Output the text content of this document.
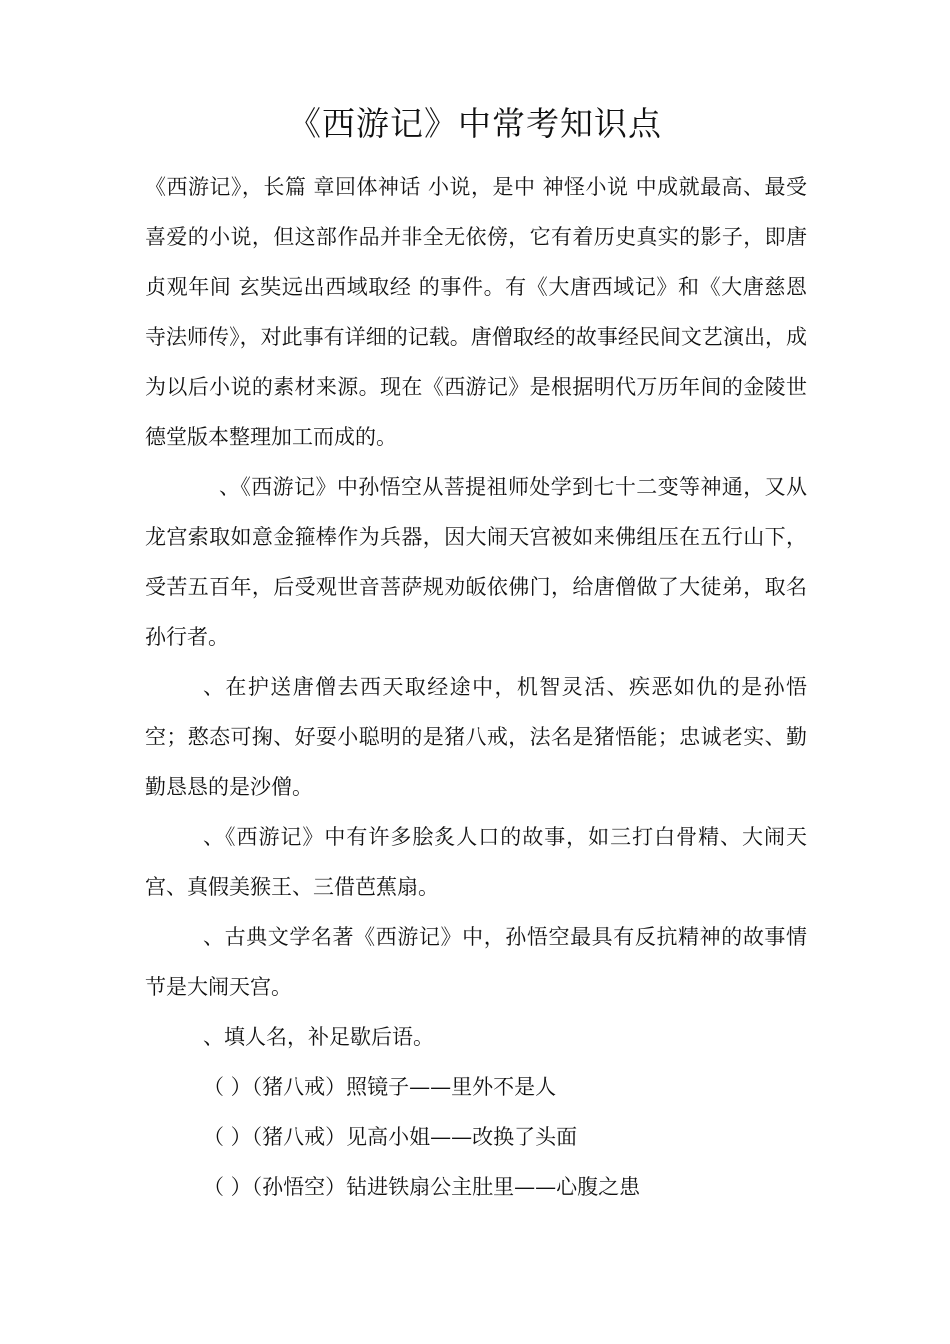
《西游记》中常考知识点

《西游记》，长篇 章回体神话 小说，是中 神怪小说 中成就最高、最受喜爱的小说，但这部作品并非全无依傍，它有着历史真实的影子，即唐贞观年间 玄奘远出西域取经 的事件。有《大唐西域记》和《大唐慈恩寺法师传》，对此事有详细的记载。唐僧取经的故事经民间文艺演出，成为以后小说的素材来源。现在《西游记》是根据明代万历年间的金陵世德堂版本整理加工而成的。

、《西游记》中孙悟空从菩提祖师处学到七十二变等神通，又从龙宫索取如意金箍棒作为兵器，因大闹天宫被如来佛组压在五行山下，受苦五百年，后受观世音菩萨规劝皈依佛门，给唐僧做了大徒弟，取名孙行者。

、在护送唐僧去西天取经途中，机智灵活、疾恶如仇的是孙悟空；憨态可掬、好耍小聪明的是猪八戒，法名是猪悟能；忠诚老实、勤勤恳恳的是沙僧。

、《西游记》中有许多脍炙人口的故事，如三打白骨精、大闹天宫、真假美猴王、三借芭蕉扇。

、古典文学名著《西游记》中，孙悟空最具有反抗精神的故事情节是大闹天宫。

、填人名，补足歇后语。

（ ）（猪八戒）照镜子——里外不是人

（ ）（猪八戒）见高小姐——改换了头面

（ ）（孙悟空）钻进铁扇公主肚里——心腹之患
